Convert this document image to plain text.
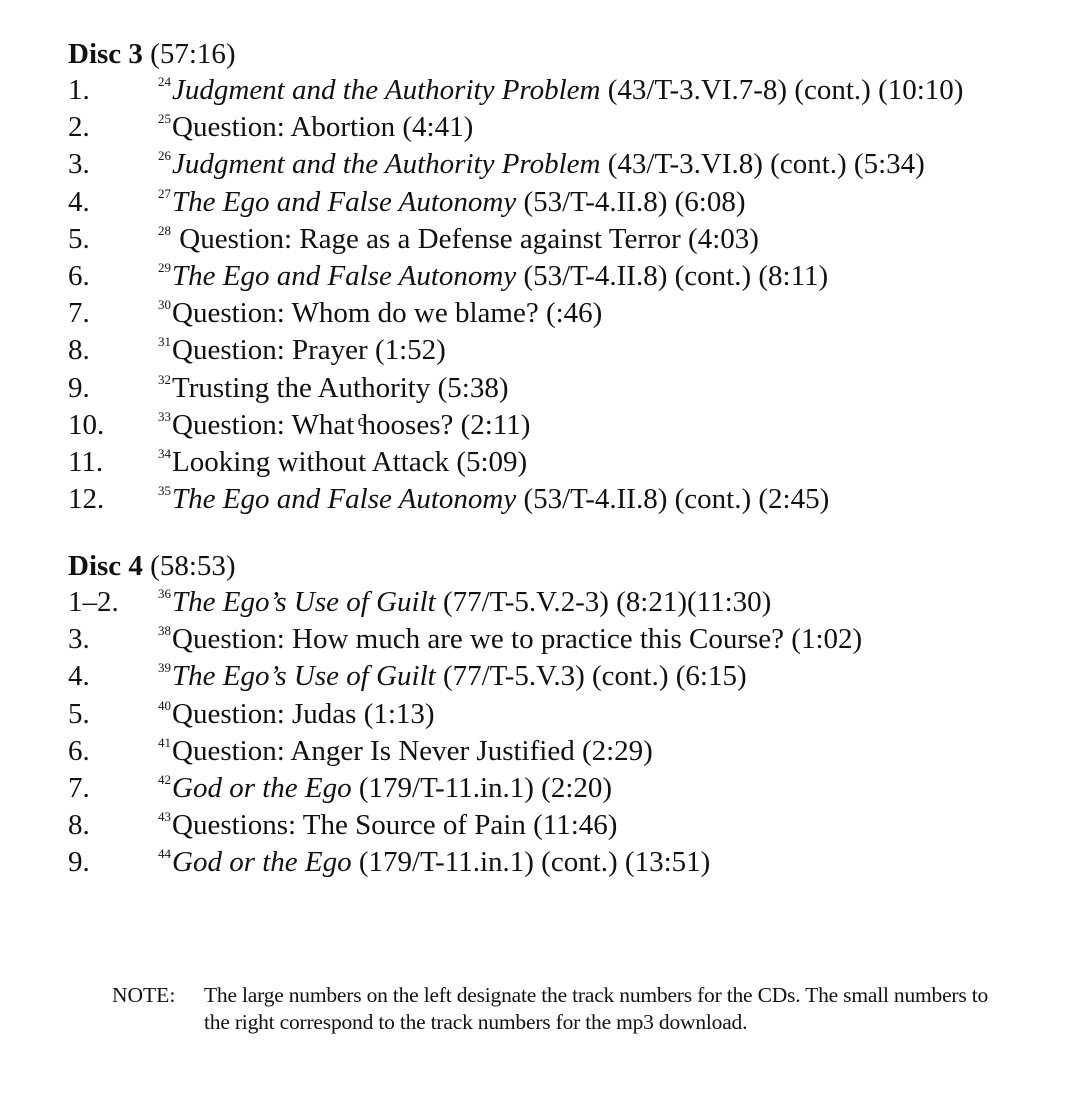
Disc 3 (57:16)
1.	$^{24}$Judgment and the Authority Problem (43/T-3.VI.7-8) (cont.) (10:10)
2.	$^{25}$Question: Abortion (4:41)
3.	$^{26}$Judgment and the Authority Problem (43/T-3.VI.8) (cont.) (5:34)
4.	$^{27}$The Ego and False Autonomy (53/T-4.II.8) (6:08)
5.	$^{28}$ Question: Rage as a Defense against Terror (4:03)
6.	$^{29}$The Ego and False Autonomy (53/T-4.II.8) (cont.) (8:11)
7.	$^{30}$Question: Whom do we blame? (:46)
8.	$^{31}$Question: Prayer (1:52)
9.	$^{32}$Trusting the Authority (5:38)
10.	$^{33}$Question: What ͨhooses? (2:11)
11.	$^{34}$Looking without Attack (5:09)
12.	$^{35}$The Ego and False Autonomy (53/T-4.II.8) (cont.) (2:45)
Disc 4 (58:53)
1–2.	$^{36}$The Ego’s Use of Guilt (77/T-5.V.2-3) (8:21)(11:30)
3.	$^{38}$Question: How much are we to practice this Course? (1:02)
4.	$^{39}$The Ego’s Use of Guilt (77/T-5.V.3) (cont.) (6:15)
5.	$^{40}$Question: Judas (1:13)
6.	$^{41}$Question: Anger Is Never Justified (2:29)
7.	$^{42}$God or the Ego (179/T-11.in.1) (2:20)
8.	$^{43}$Questions: The Source of Pain (11:46)
9.	$^{44}$God or the Ego (179/T-11.in.1) (cont.) (13:51)
NOTE: The large numbers on the left designate the track numbers for the CDs. The small numbers to the right correspond to the track numbers for the mp3 download.
